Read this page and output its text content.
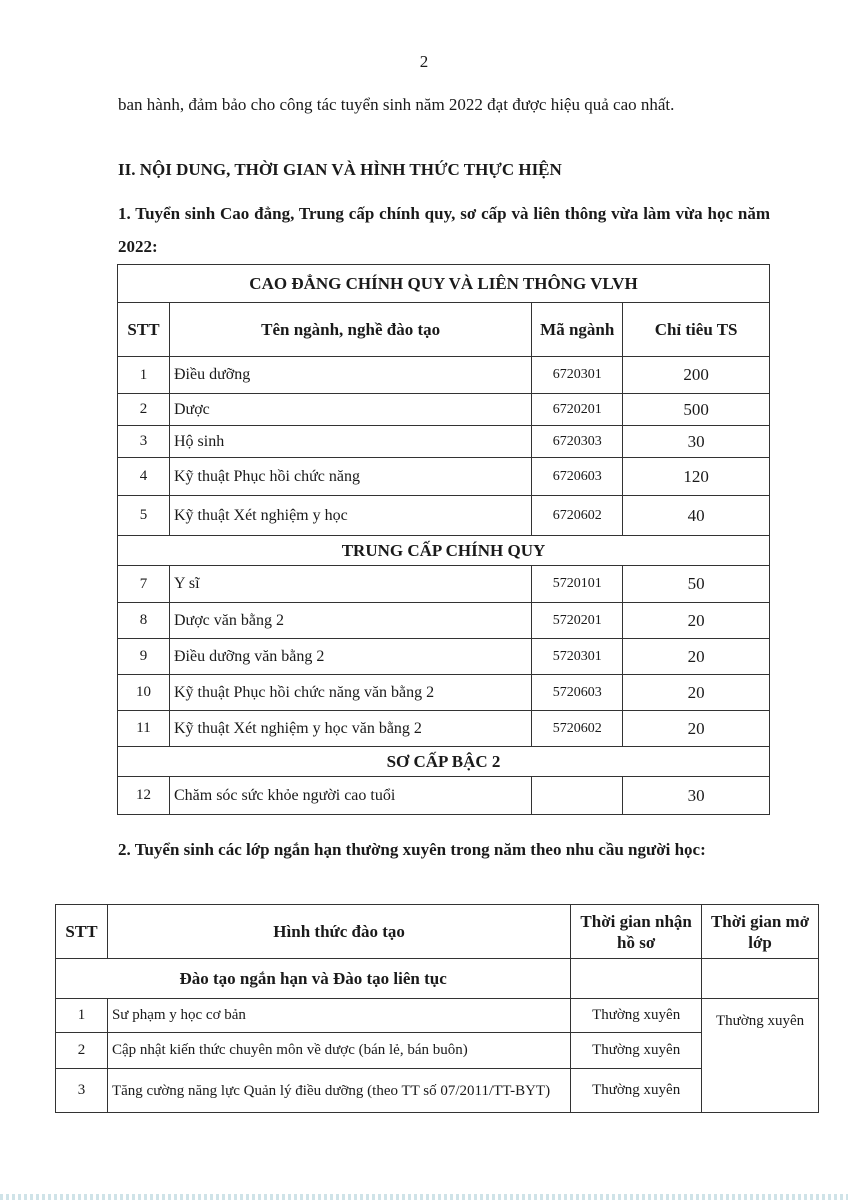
2
ban hành, đảm bảo cho công tác tuyển sinh năm 2022 đạt được hiệu quả cao nhất.
II. NỘI DUNG, THỜI GIAN VÀ HÌNH THỨC THỰC HIỆN
1. Tuyển sinh Cao đẳng, Trung cấp chính quy, sơ cấp và liên thông vừa làm vừa học năm 2022:
CAO ĐẲNG CHÍNH QUY VÀ LIÊN THÔNG VLVH			
STT	Tên ngành, nghề đào tạo	Mã ngành	Chỉ tiêu TS
1	Điều dưỡng	6720301	200
2	Dược	6720201	500
3	Hộ sinh	6720303	30
4	Kỹ thuật Phục hồi chức năng	6720603	120
5	Kỹ thuật Xét nghiệm y học	6720602	40
TRUNG CẤP CHÍNH QUY			
7	Y sĩ	5720101	50
8	Dược văn bằng 2	5720201	20
9	Điều dưỡng văn bằng 2	5720301	20
10	Kỹ thuật Phục hồi chức năng văn bằng 2	5720603	20
11	Kỹ thuật Xét nghiệm y học văn bằng 2	5720602	20
SƠ CẤP BẬC 2			
12	Chăm sóc sức khỏe người cao tuổi		30
2. Tuyển sinh các lớp ngắn hạn thường xuyên trong năm theo nhu cầu người học:
STT	Hình thức đào tạo	Thời gian nhận hồ sơ	Thời gian mở lớp
Đào tạo ngắn hạn và Đào tạo liên tục			
1	Sư phạm y học cơ bản	Thường xuyên	Thường xuyên
2	Cập nhật kiến thức chuyên môn về dược (bán lẻ, bán buôn)	Thường xuyên	
3	Tăng cường năng lực Quản lý điều dưỡng (theo TT số 07/2011/TT-BYT)	Thường xuyên	
